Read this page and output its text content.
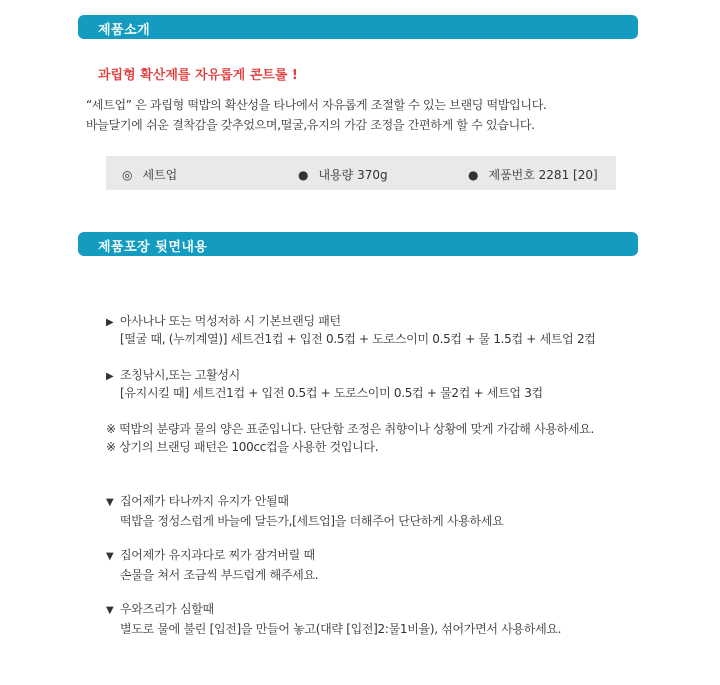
제품소개
과립형 확산제를 자유롭게 콘트롤 !
“세트업” 은 과립형 떡밥의 확산성을 타나에서 자유롭게 조절할 수 있는 브랜딩 떡밥입니다.
바늘달기에 쉬운 결착감을 갖추었으며,떨굴,유지의 가감 조정을 간편하게 할 수 있습니다.
◎ 세트업	● 내용량 370g	● 제품번호 2281 [20]
제품포장 뒷면내용
▶ 아사나나 또는 먹성저하 시 기본브랜딩 패턴
[떨굴 때, (누끼계열)] 세트건1컵 + 입전 0.5컵 + 도로스이미 0.5컵 + 물 1.5컵 + 세트업 2컵
▶ 조칭낚시,또는 고활성시
[유지시킬 때] 세트건1컵 + 입전 0.5컵 + 도로스이미 0.5컵 + 물2컵 + 세트업 3컵
※ 떡밥의 분량과 물의 양은 표준입니다. 단단함 조정은 취향이나 상황에 맞게 가감해 사용하세요.
※ 상기의 브랜딩 패턴은 100cc컵을 사용한 것입니다.
▼ 집어제가 타나까지 유지가 안될때
떡밥을 정성스럽게 바늘에 달든가,[세트업]을 더해주어 단단하게 사용하세요
▼ 집어제가 유지과다로 찌가 잠겨버릴 때
손물을 쳐서 조금씩 부드럽게 해주세요.
▼ 우와즈리가 심할때
별도로 물에 불린 [입전]을 만들어 놓고(대략 [입전]2:물1비율), 섞어가면서 사용하세요.
